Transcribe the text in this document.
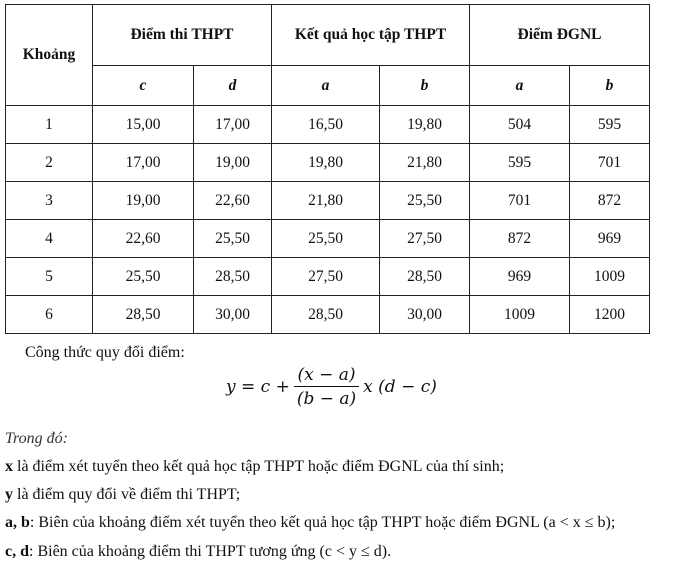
Khoảng	Điểm thi THPT		Kết quả học tập THPT		Điểm ĐGNL	
	c	d	a	b	a	b
1	15,00	17,00	16,50	19,80	504	595
2	17,00	19,00	19,80	21,80	595	701
3	19,00	22,60	21,80	25,50	701	872
4	22,60	25,50	25,50	27,50	872	969
5	25,50	28,50	27,50	28,50	969	1009
6	28,50	30,00	28,50	30,00	1009	1200
Công thức quy đổi điểm:
$y = c + \frac{(x - a)}{(b - a)}$ x (d − c)
Trong đó:
x là điểm xét tuyển theo kết quả học tập THPT hoặc điểm ĐGNL của thí sinh;
y là điểm quy đổi về điểm thi THPT;
a, b: Biên của khoảng điểm xét tuyển theo kết quả học tập THPT hoặc điểm ĐGNL (a < x ≤ b);
c, d: Biên của khoảng điểm thi THPT tương ứng (c < y ≤ d).
